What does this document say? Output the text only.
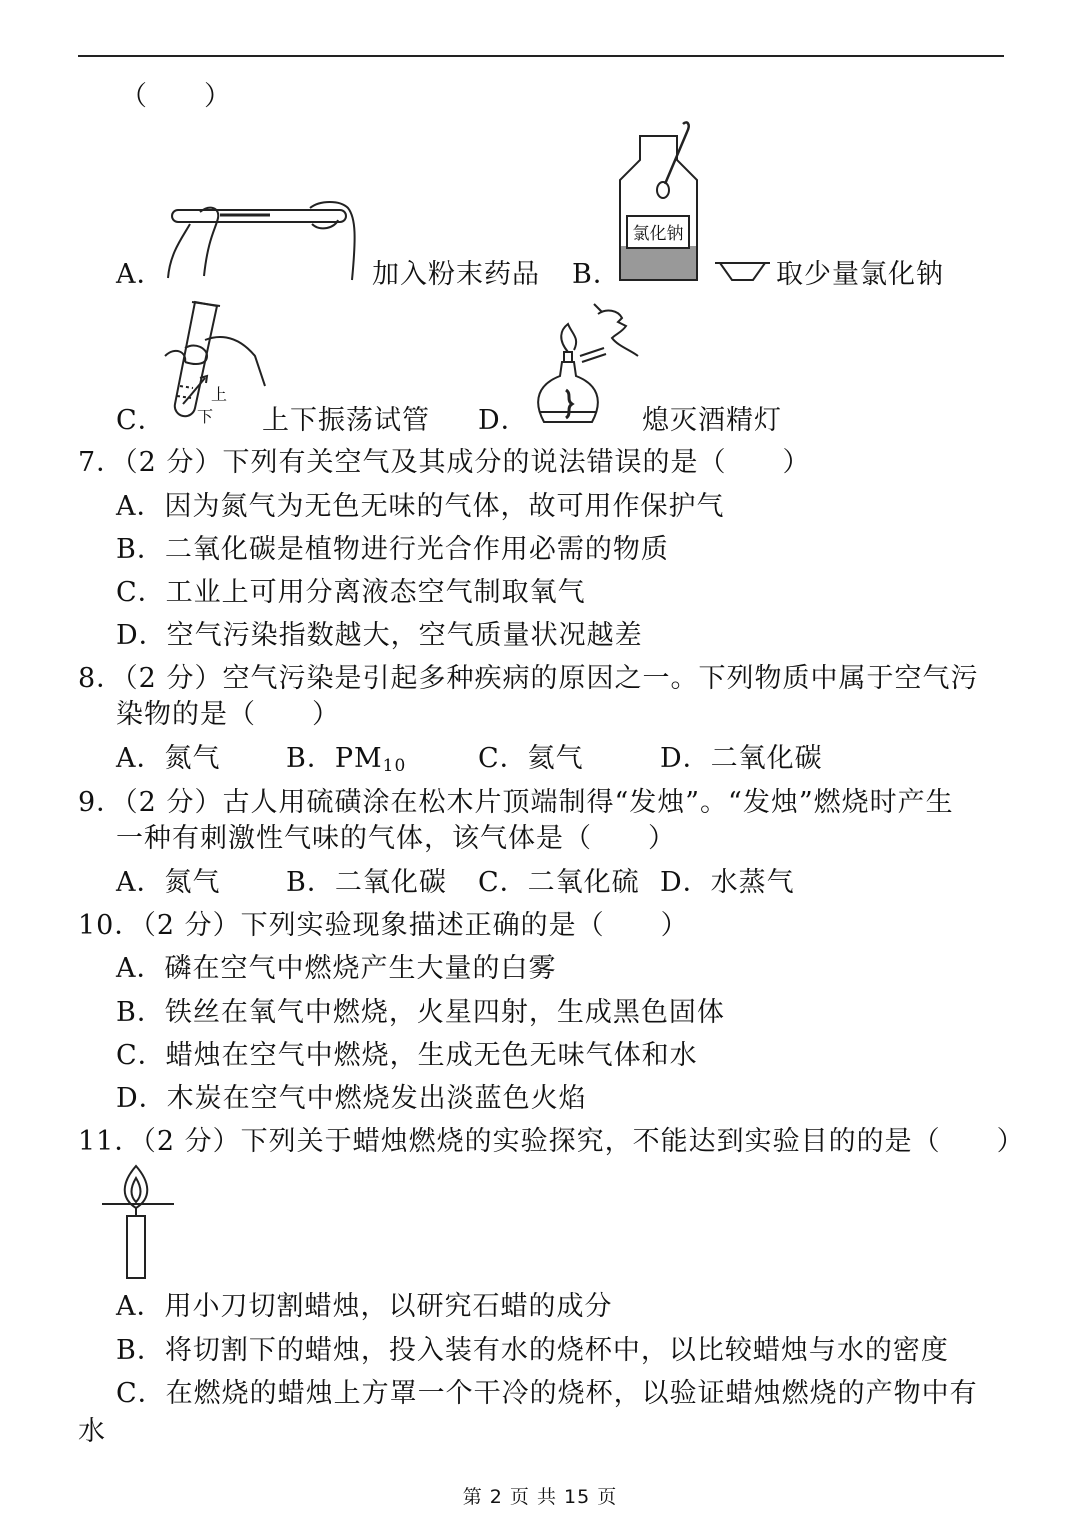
（　　）
A．	加入粉末药品 B．
氯化钠
取少量氯化钠
C．
上
下 上下振荡试管 D．	熄灭酒精灯
7．（2 分）下列有关空气及其成分的说法错误的是（　　）
A．因为氮气为无色无味的气体，故可用作保护气
B．二氧化碳是植物进行光合作用必需的物质
C．工业上可用分离液态空气制取氧气
D．空气污染指数越大，空气质量状况越差
8．（2 分）空气污染是引起多种疾病的原因之一。下列物质中属于空气污
染物的是（　　）
A．氮气 B．$PM_{10}$	C．氦气	D．二氧化碳
9．（2 分）古人用硫磺涂在松木片顶端制得“发烛”。“发烛”燃烧时产生
一种有刺激性气味的气体，该气体是（　　）
A．氮气 B．二氧化碳 C．二氧化硫 D．水蒸气
10．（2 分）下列实验现象描述正确的是（　　）
A．磷在空气中燃烧产生大量的白雾
B．铁丝在氧气中燃烧，火星四射，生成黑色固体
C．蜡烛在空气中燃烧，生成无色无味气体和水
D．木炭在空气中燃烧发出淡蓝色火焰
11．（2 分）下列关于蜡烛燃烧的实验探究，不能达到实验目的的是（　　）
A．用小刀切割蜡烛，以研究石蜡的成分
B．将切割下的蜡烛，投入装有水的烧杯中，以比较蜡烛与水的密度
C．在燃烧的蜡烛上方罩一个干冷的烧杯，以验证蜡烛燃烧的产物中有
水
第 2 页 共 15 页
